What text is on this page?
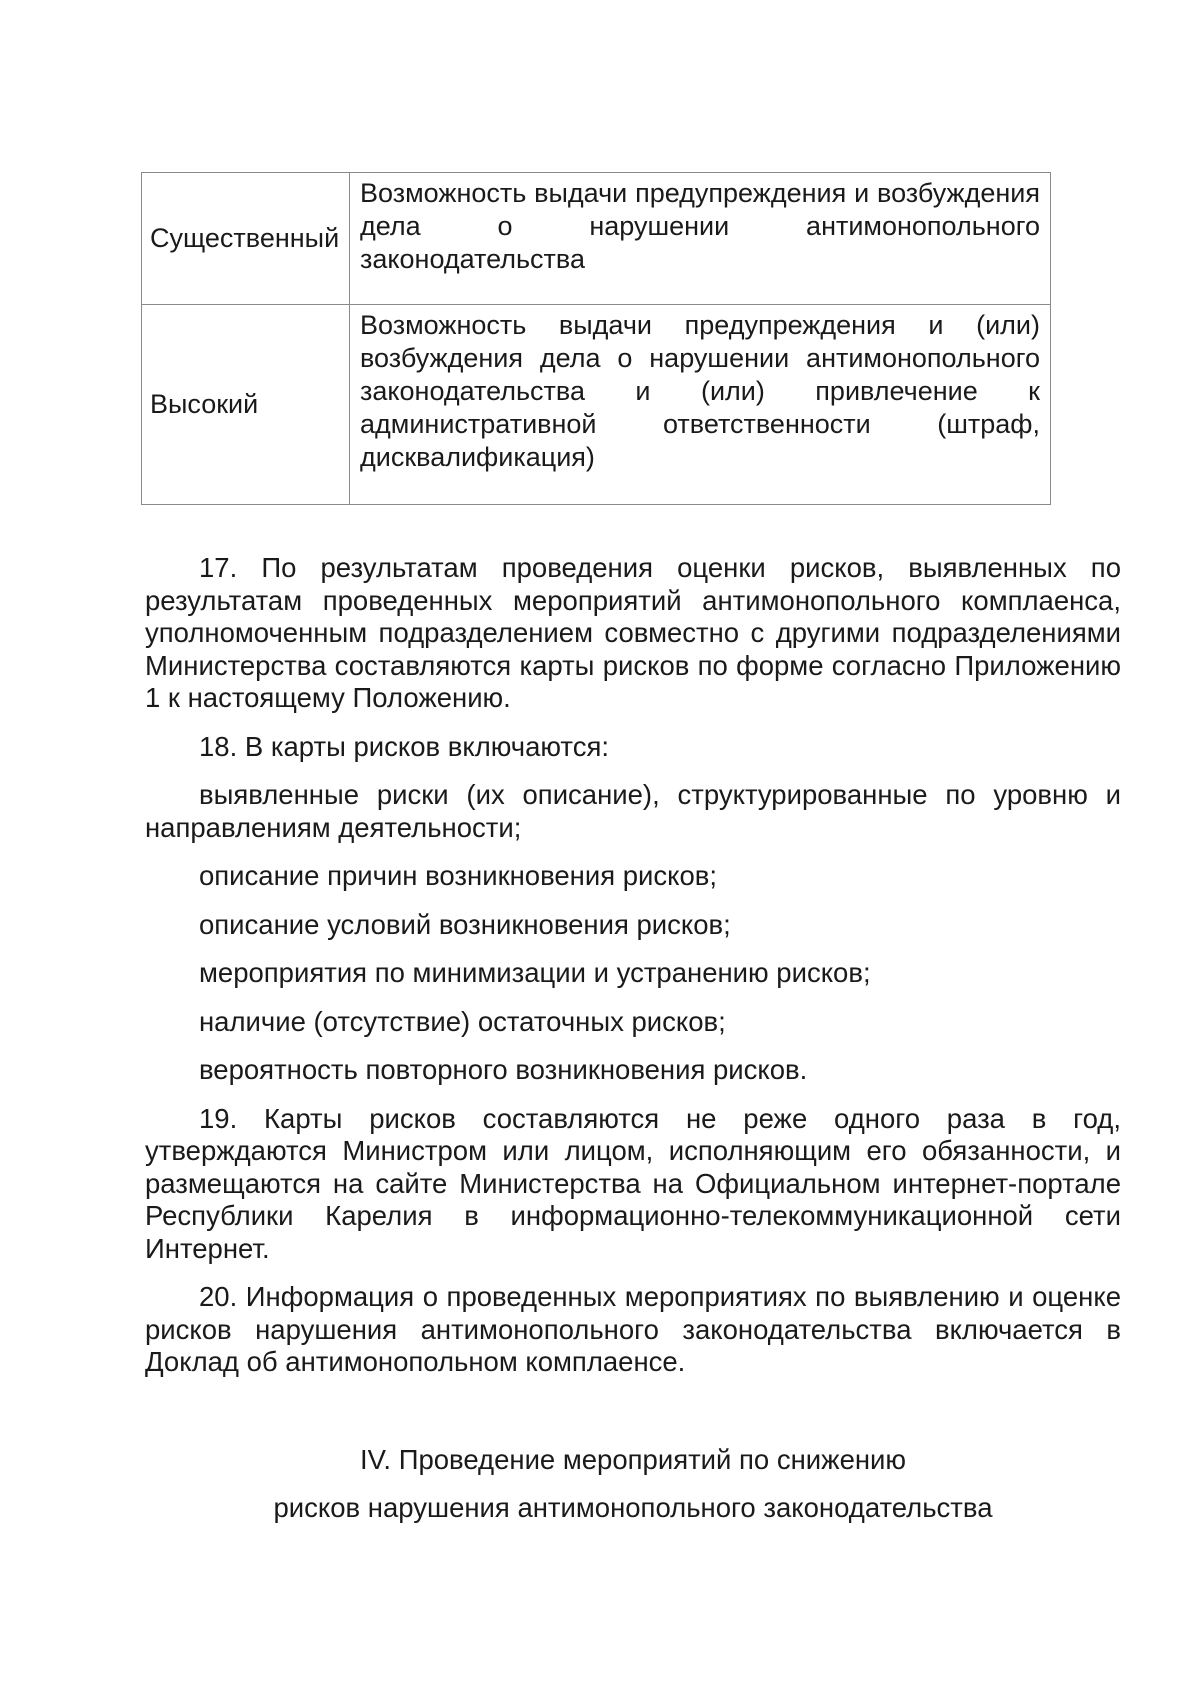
Существенный	Возможность выдачи предупреждения и возбуждения дела о нарушении антимонопольного законодательства
Высокий	Возможность выдачи предупреждения и (или) возбуждения дела о нарушении антимонопольного законодательства и (или) привлечение к административной ответственности (штраф, дисквалификация)

17. По результатам проведения оценки рисков, выявленных по результатам проведенных мероприятий антимонопольного комплаенса, уполномоченным подразделением совместно с другими подразделениями Министерства составляются карты рисков по форме согласно Приложению 1 к настоящему Положению.

18. В карты рисков включаются:

выявленные риски (их описание), структурированные по уровню и направлениям деятельности;

описание причин возникновения рисков;

описание условий возникновения рисков;

мероприятия по минимизации и устранению рисков;

наличие (отсутствие) остаточных рисков;

вероятность повторного возникновения рисков.

19. Карты рисков составляются не реже одного раза в год, утверждаются Министром или лицом, исполняющим его обязанности, и размещаются на сайте Министерства на Официальном интернет-портале Республики Карелия в информационно-телекоммуникационной сети Интернет.

20. Информация о проведенных мероприятиях по выявлению и оценке рисков нарушения антимонопольного законодательства включается в Доклад об антимонопольном комплаенсе.

IV. Проведение мероприятий по снижению

рисков нарушения антимонопольного законодательства
